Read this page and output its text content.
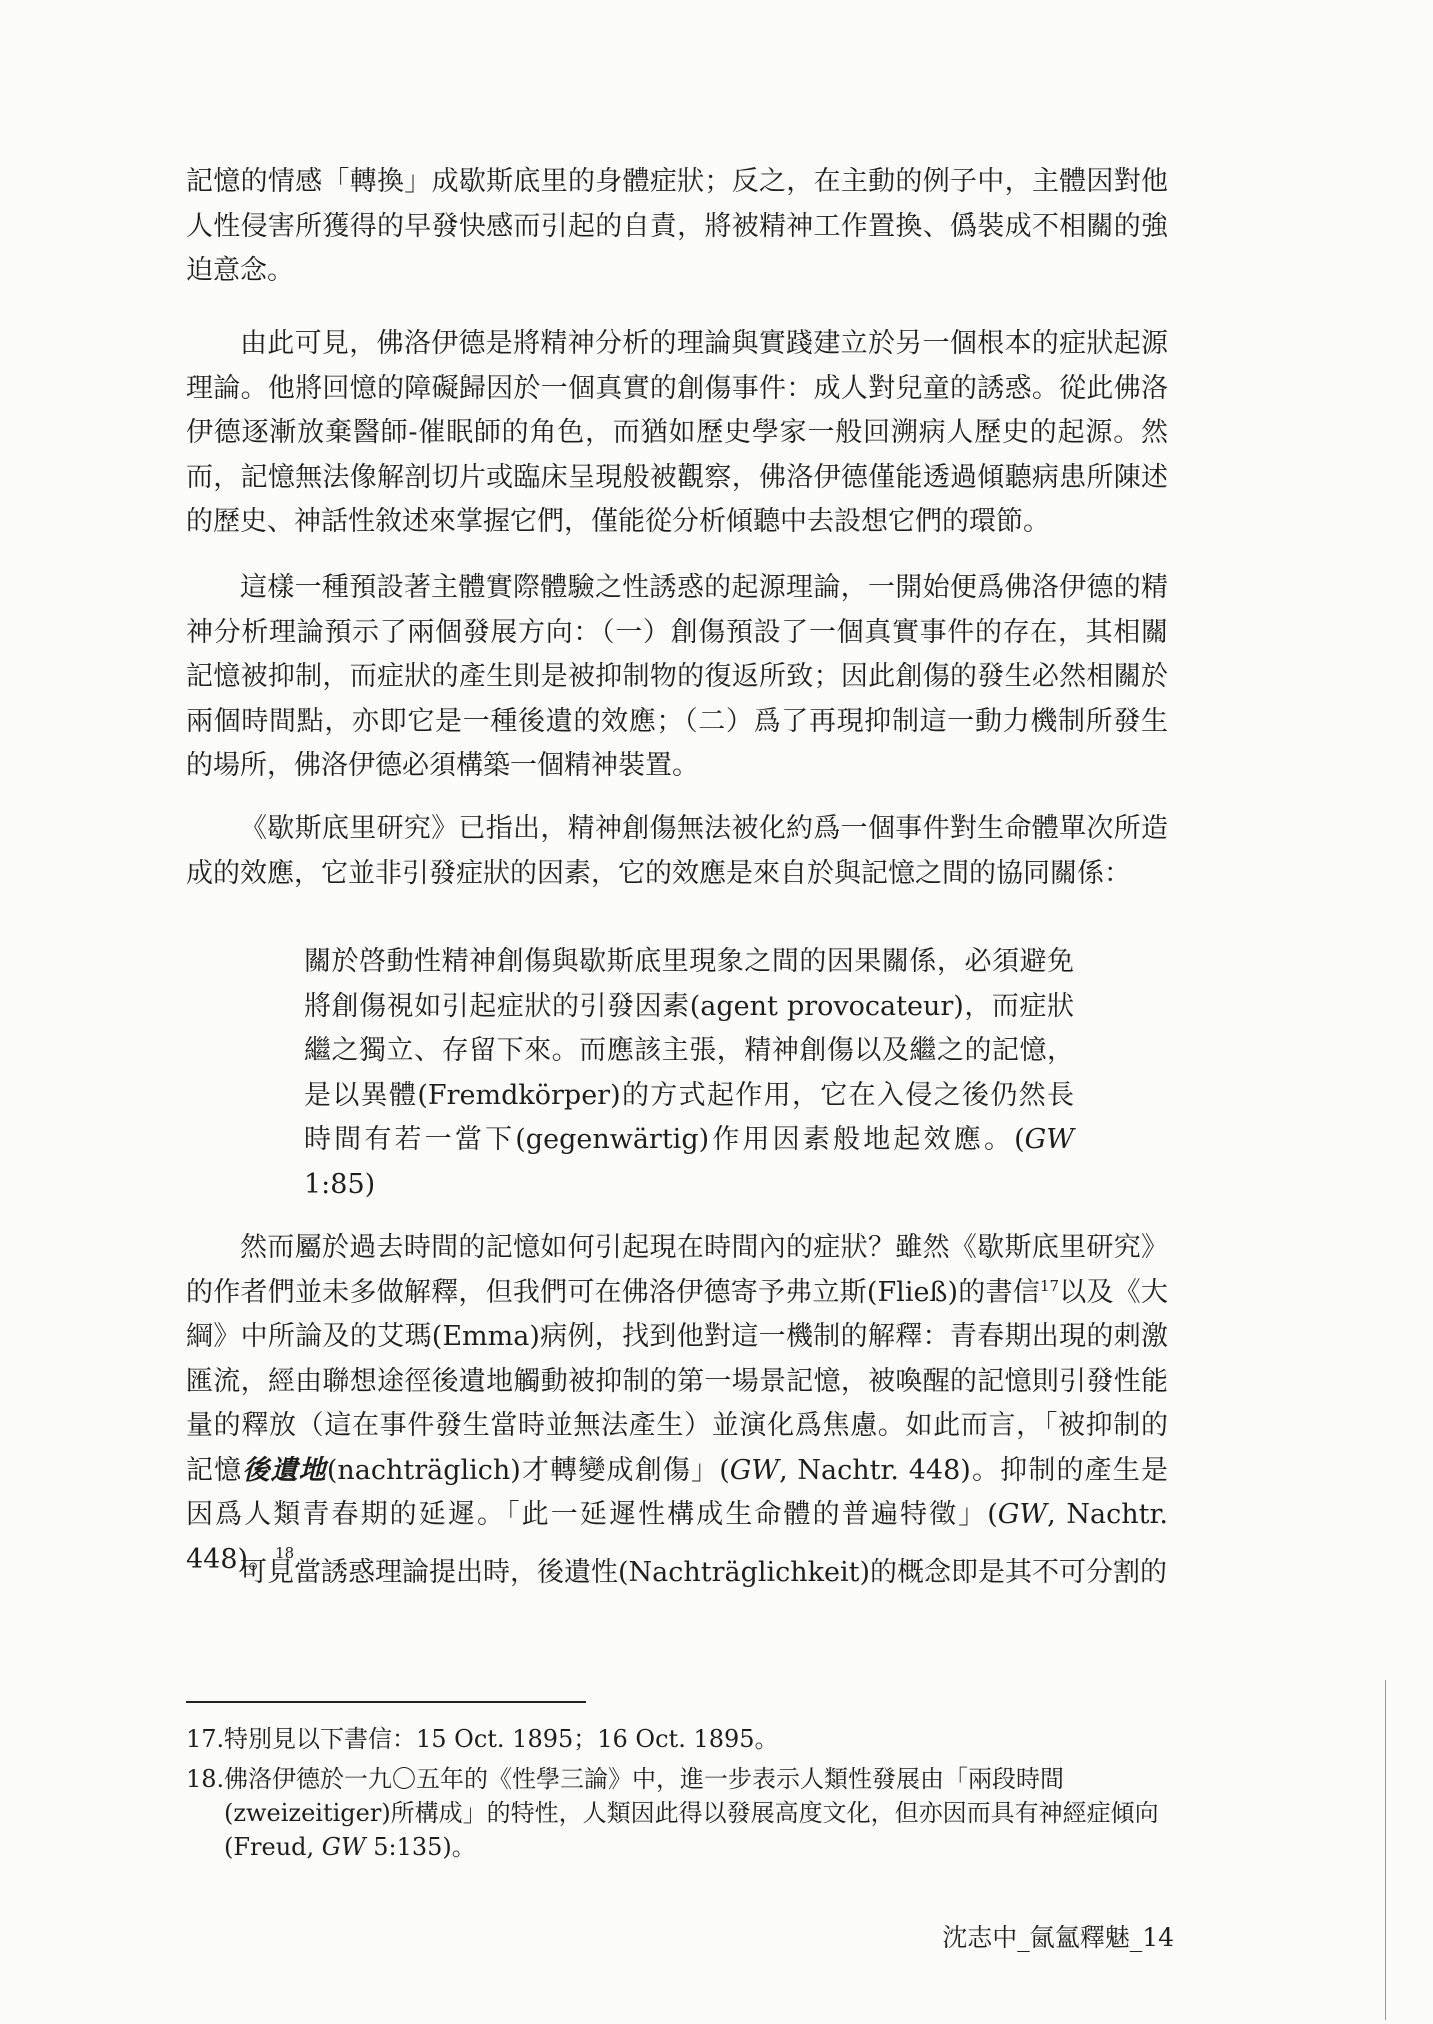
記憶的情感「轉換」成歇斯底里的身體症狀；反之，在主動的例子中，主體因對他人性侵害所獲得的早發快感而引起的自責，將被精神工作置換、僞裝成不相關的強迫意念。

由此可見，佛洛伊德是將精神分析的理論與實踐建立於另一個根本的症狀起源理論。他將回憶的障礙歸因於一個真實的創傷事件：成人對兒童的誘惑。從此佛洛伊德逐漸放棄醫師-催眠師的角色，而猶如歷史學家一般回溯病人歷史的起源。然而，記憶無法像解剖切片或臨床呈現般被觀察，佛洛伊德僅能透過傾聽病患所陳述的歷史、神話性敘述來掌握它們，僅能從分析傾聽中去設想它們的環節。

這樣一種預設著主體實際體驗之性誘惑的起源理論，一開始便爲佛洛伊德的精神分析理論預示了兩個發展方向：（一）創傷預設了一個真實事件的存在，其相關記憶被抑制，而症狀的產生則是被抑制物的復返所致；因此創傷的發生必然相關於兩個時間點，亦即它是一種後遺的效應；（二）爲了再現抑制這一動力機制所發生的場所，佛洛伊德必須構築一個精神裝置。

《歇斯底里研究》已指出，精神創傷無法被化約爲一個事件對生命體單次所造成的效應，它並非引發症狀的因素，它的效應是來自於與記憶之間的協同關係：

關於啓動性精神創傷與歇斯底里現象之間的因果關係，必須避免將創傷視如引起症狀的引發因素(agent provocateur)，而症狀繼之獨立、存留下來。而應該主張，精神創傷以及繼之的記憶，是以異體(Fremdkörper)的方式起作用，它在入侵之後仍然長時間有若一當下(gegenwärtig)作用因素般地起效應。(GW 1:85)

然而屬於過去時間的記憶如何引起現在時間內的症狀？雖然《歇斯底里研究》的作者們並未多做解釋，但我們可在佛洛伊德寄予弗立斯(Fließ)的書信$^{17}$以及《大綱》中所論及的艾瑪(Emma)病例，找到他對這一機制的解釋：青春期出現的刺激匯流，經由聯想途徑後遺地觸動被抑制的第一場景記憶，被喚醒的記憶則引發性能量的釋放（這在事件發生當時並無法產生）並演化爲焦慮。如此而言，「被抑制的記憶後遺地(nachträglich)才轉變成創傷」(GW, Nachtr. 448)。抑制的產生是因爲人類青春期的延遲。「此一延遲性構成生命體的普遍特徵」(GW, Nachtr. 448)。$^{18}$

可見當誘惑理論提出時，後遺性(Nachträglichkeit)的概念即是其不可分割的

17.特別見以下書信：15 Oct. 1895；16 Oct. 1895。

18.佛洛伊德於一九〇五年的《性學三論》中，進一步表示人類性發展由「兩段時間(zweizeitiger)所構成」的特性，人類因此得以發展高度文化，但亦因而具有神經症傾向(Freud, GW 5:135)。

沈志中_氤氳釋魅_14
